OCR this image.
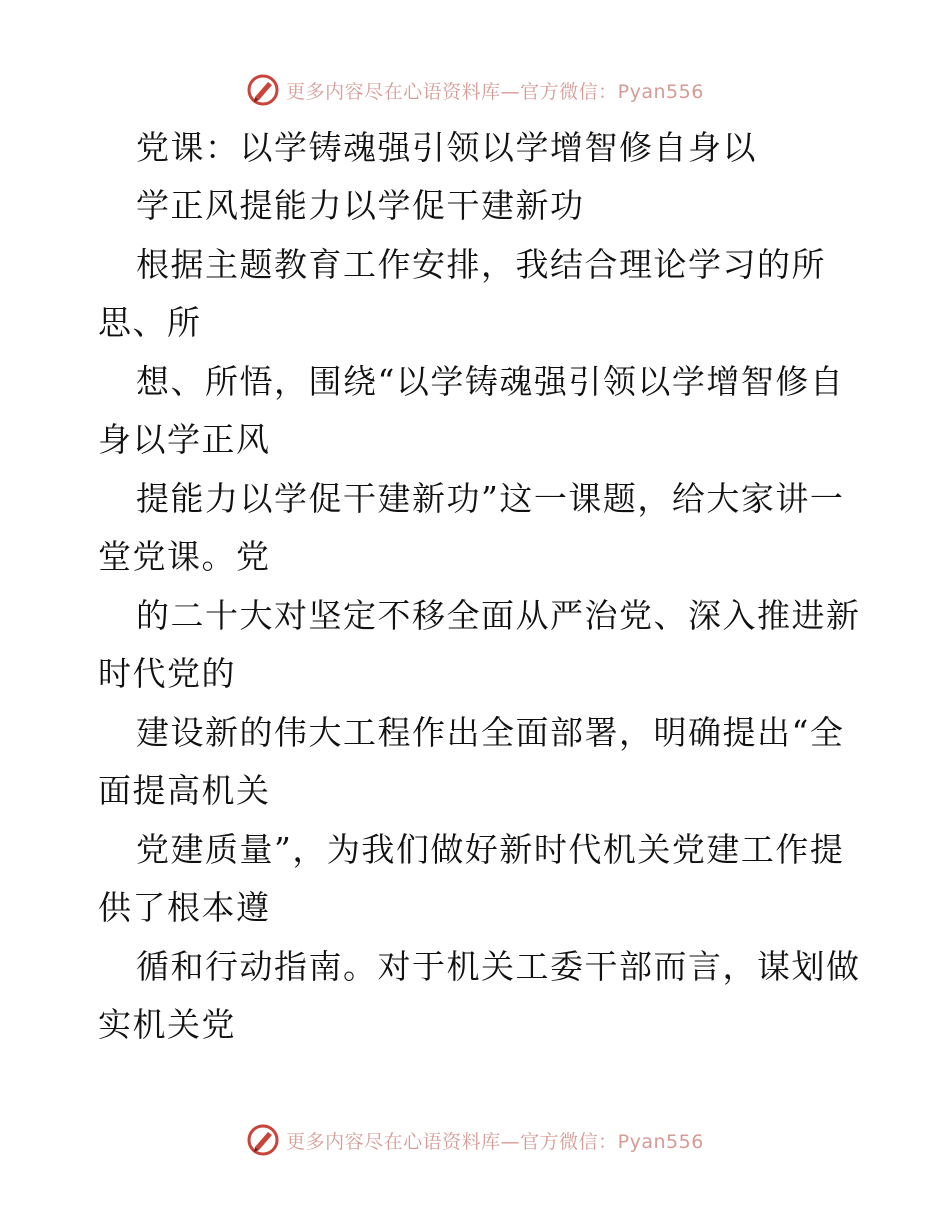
更多内容尽在心语资料库—官方微信：Pyan556
党课：以学铸魂强引领以学增智修自身以
学正风提能力以学促干建新功
根据主题教育工作安排，我结合理论学习的所
思、所
想、所悟，围绕“以学铸魂强引领以学增智修自
身以学正风
提能力以学促干建新功”这一课题，给大家讲一
堂党课。党
的二十大对坚定不移全面从严治党、深入推进新
时代党的
建设新的伟大工程作出全面部署，明确提出“全
面提高机关
党建质量”，为我们做好新时代机关党建工作提
供了根本遵
循和行动指南。对于机关工委干部而言，谋划做
实机关党
更多内容尽在心语资料库—官方微信：Pyan556
